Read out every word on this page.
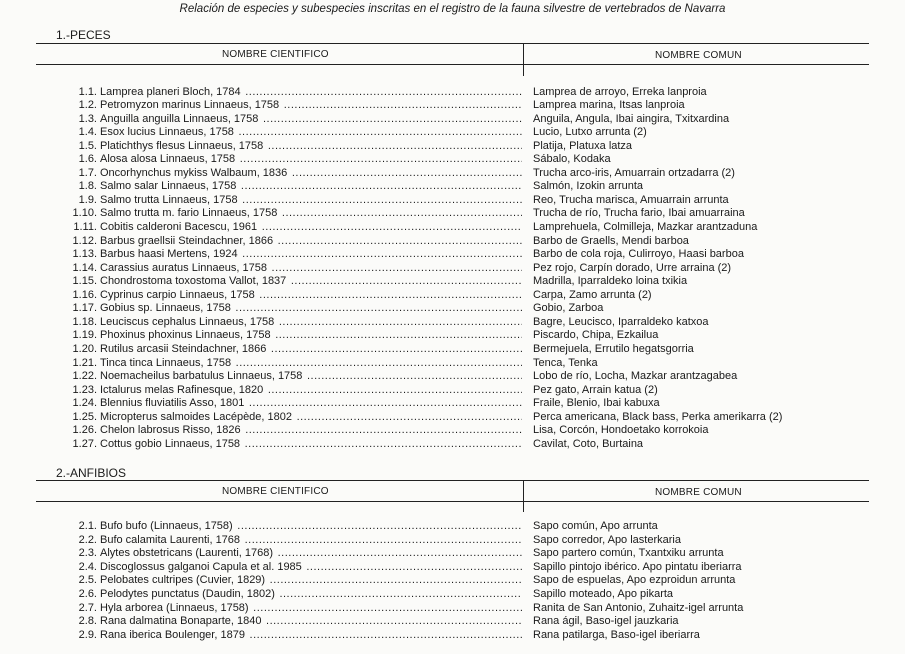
Relación de especies y subespecies inscritas en el registro de la fauna silvestre de vertebrados de Navarra
1.-PECES
NOMBRE CIENTIFICO	NOMBRE COMUN
1.1. Lampreа planeri Bloch, 1784 .....	Lamprea de arroyo, Erreka lanproia
1.2. Petromyzon marinus Linnaeus, 1758 .....	Lamprea marina, Itsas lanproia
1.3. Anguilla anguilla Linnaeus, 1758 .....	Anguila, Angula, Ibai aingira, Txitxardina
1.4. Esox lucius Linnaeus, 1758 .....	Lucio, Lutxo arrunta (2)
1.5. Platichthys flesus Linnaeus, 1758 .....	Platija, Platuxa latza
1.6. Alosa alosa Linnaeus, 1758 .....	Sábalo, Kodaka
1.7. Oncorhynchus mykiss Walbaum, 1836 .....	Trucha arco-iris, Amuarrain ortzadarra (2)
1.8. Salmo salar Linnaeus, 1758 .....	Salmón, Izokin arrunta
1.9. Salmo trutta Linnaeus, 1758 .....	Reo, Trucha marisca, Amuarrain arrunta
1.10. Salmo trutta m. fario Linnaeus, 1758 .....	Trucha de río, Trucha fario, Ibai amuarraina
1.11. Cobitis calderoni Bacescu, 1961 .....	Lamprehuela, Colmilleja, Mazkar arantzaduna
1.12. Barbus graellsii Steindachner, 1866 .....	Barbo de Graells, Mendi barboa
1.13. Barbus haasi Mertens, 1924 .....	Barbo de cola roja, Culirroyo, Haasi barboa
1.14. Carassius auratus Linnaeus, 1758 .....	Pez rojo, Carpín dorado, Urre arraina (2)
1.15. Chondrostoma toxostoma Vallot, 1837 .....	Madrilla, Iparraldeko loina txikia
1.16. Cyprinus carpio Linnaeus, 1758 .....	Carpa, Zamo arrunta (2)
1.17. Gobius sp. Linnaeus, 1758 .....	Gobio, Zarboa
1.18. Leuciscus cephalus Linnaeus, 1758 .....	Bagre, Leucisco, Iparraldeko katxoa
1.19. Phoxinus phoxinus Linnaeus, 1758 .....	Piscardo, Chipa, Ezkailua
1.20. Rutilus arcasii Steindachner, 1866 .....	Bermejuela, Errutilo hegatsgorria
1.21. Tinca tinca Linnaeus, 1758 .....	Tenca, Tenka
1.22. Noemacheilus barbatulus Linnaeus, 1758 .....	Lobo de río, Locha, Mazkar arantzagabea
1.23. Ictalurus melas Rafinesque, 1820 .....	Pez gato, Arrain katua (2)
1.24. Blennius fluviatilis Asso, 1801 .....	Fraile, Blenio, Ibai kabuxa
1.25. Micropterus salmoides Lacépède, 1802 .....	Perca americana, Black bass, Perka amerikarra (2)
1.26. Chelon labrosus Risso, 1826 .....	Lisa, Corcón, Hondoetako korrokoia
1.27. Cottus gobio Linnaeus, 1758 .....	Cavilat, Coto, Burtaina
2.-ANFIBIOS
NOMBRE CIENTIFICO	NOMBRE COMUN
2.1. Bufo bufo (Linnaeus, 1758) .....	Sapo común, Apo arrunta
2.2. Bufo calamita Laurenti, 1768 .....	Sapo corredor, Apo lasterkaria
2.3. Alytes obstetricans (Laurenti, 1768) .....	Sapo partero común, Txantxiku arrunta
2.4. Discoglossus galganoi Capula et al. 1985 .....	Sapillo pintojo ibérico. Apo pintatu iberiarra
2.5. Pelobates cultripes (Cuvier, 1829) .....	Sapo de espuelas, Apo ezproidun arrunta
2.6. Pelodytes punctatus (Daudin, 1802) .....	Sapillo moteado, Apo pikarta
2.7. Hyla arborea (Linnaeus, 1758) .....	Ranita de San Antonio, Zuhaitz-igel arrunta
2.8. Rana dalmatina Bonaparte, 1840 .....	Rana ágil, Baso-igel jauzkaria
2.9. Rana iberica Boulenger, 1879 .....	Rana patilarga, Baso-igel iberiarra
